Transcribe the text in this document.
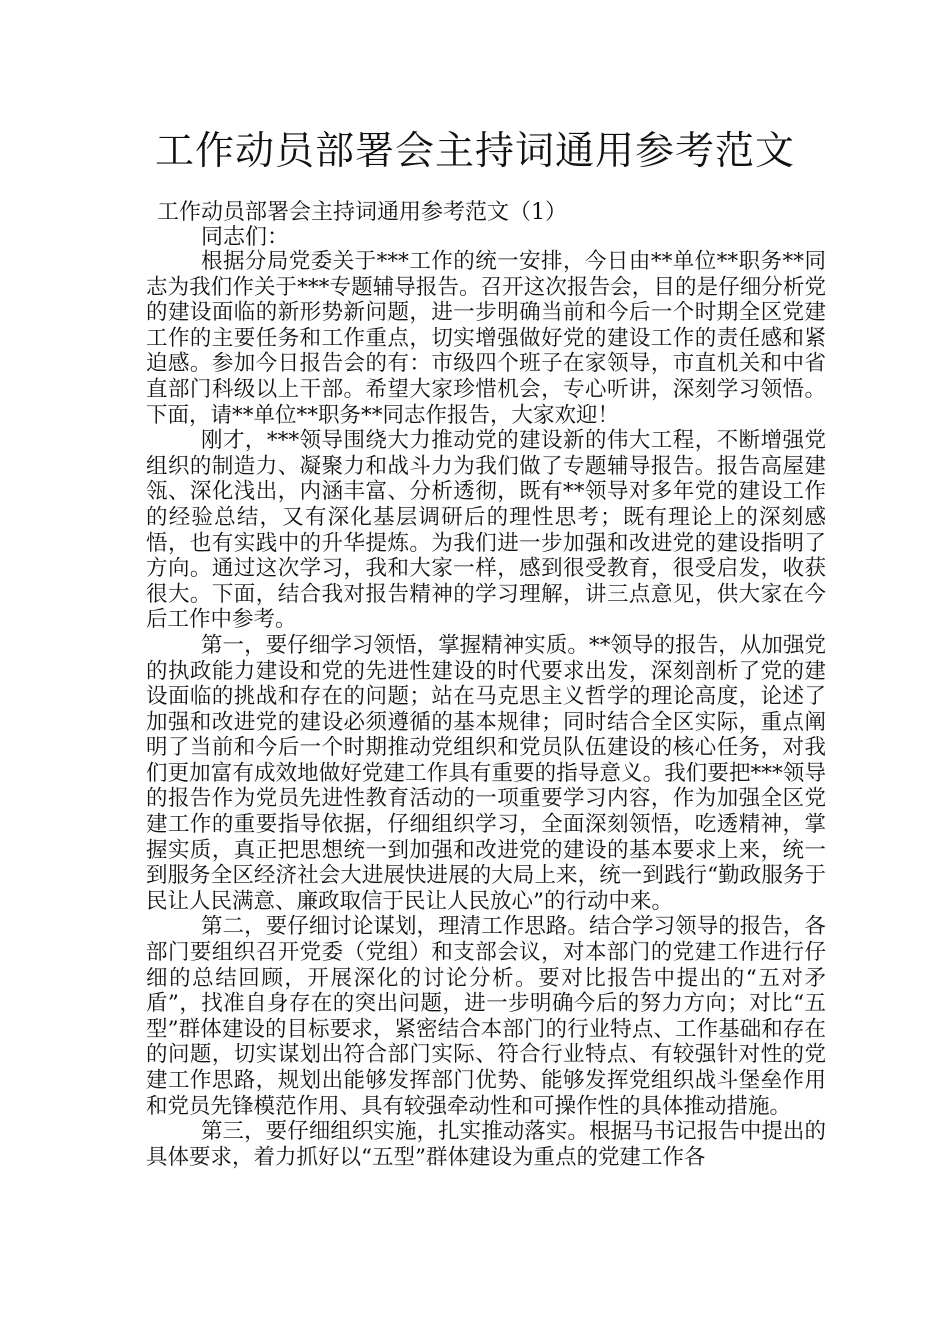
工作动员部署会主持词通用参考范文

工作动员部署会主持词通用参考范文（1）

同志们：

根据分局党委关于***工作的统一安排，今日由**单位**职务**同志为我们作关于***专题辅导报告。召开这次报告会，目的是仔细分析党的建设面临的新形势新问题，进一步明确当前和今后一个时期全区党建工作的主要任务和工作重点，切实增强做好党的建设工作的责任感和紧迫感。参加今日报告会的有：市级四个班子在家领导，市直机关和中省直部门科级以上干部。希望大家珍惜机会，专心听讲，深刻学习领悟。 下面，请**单位**职务**同志作报告，大家欢迎！

刚才，***领导围绕大力推动党的建设新的伟大工程，不断增强党组织的制造力、凝聚力和战斗力为我们做了专题辅导报告。报告高屋建瓴、深化浅出，内涵丰富、分析透彻，既有**领导对多年党的建设工作的经验总结，又有深化基层调研后的理性思考；既有理论上的深刻感悟，也有实践中的升华提炼。为我们进一步加强和改进党的建设指明了方向。通过这次学习，我和大家一样，感到很受教育，很受启发，收获很大。下面，结合我对报告精神的学习理解，讲三点意见，供大家在今后工作中参考。

第一，要仔细学习领悟，掌握精神实质。**领导的报告，从加强党的执政能力建设和党的先进性建设的时代要求出发，深刻剖析了党的建设面临的挑战和存在的问题；站在马克思主义哲学的理论高度，论述了加强和改进党的建设必须遵循的基本规律；同时结合全区实际，重点阐明了当前和今后一个时期推动党组织和党员队伍建设的核心任务，对我们更加富有成效地做好党建工作具有重要的指导意义。我们要把***领导的报告作为党员先进性教育活动的一项重要学习内容，作为加强全区党建工作的重要指导依据，仔细组织学习，全面深刻领悟，吃透精神，掌握实质，真正把思想统一到加强和改进党的建设的基本要求上来，统一到服务全区经济社会大进展快进展的大局上来，统一到践行“勤政服务于民让人民满意、廉政取信于民让人民放心”的行动中来。

第二，要仔细讨论谋划，理清工作思路。结合学习领导的报告，各部门要组织召开党委（党组）和支部会议，对本部门的党建工作进行仔细的总结回顾，开展深化的讨论分析。要对比报告中提出的“五对矛盾”，找准自身存在的突出问题，进一步明确今后的努力方向；对比“五型”群体建设的目标要求，紧密结合本部门的行业特点、工作基础和存在的问题，切实谋划出符合部门实际、符合行业特点、有较强针对性的党建工作思路，规划出能够发挥部门优势、能够发挥党组织战斗堡垒作用和党员先锋模范作用、具有较强牵动性和可操作性的具体推动措施。

第三，要仔细组织实施，扎实推动落实。根据马书记报告中提出的具体要求，着力抓好以“五型”群体建设为重点的党建工作各
